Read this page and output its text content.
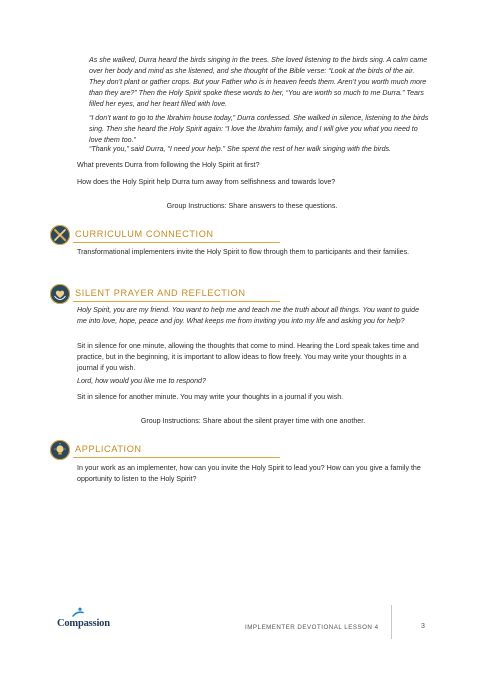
As she walked, Durra heard the birds singing in the trees. She loved listening to the birds sing. A calm came over her body and mind as she listened, and she thought of the Bible verse: “Look at the birds of the air. They don’t plant or gather crops. But your Father who is in heaven feeds them. Aren’t you worth much more than they are?” Then the Holy Spirit spoke these words to her, “You are worth so much to me Durra.” Tears filled her eyes, and her heart filled with love.

“I don’t want to go to the Ibrahim house today,” Durra confessed. She walked in silence, listening to the birds sing. Then she heard the Holy Spirit again: “I love the Ibrahim family, and I will give you what you need to love them too.”

“Thank you,” said Durra, “I need your help.” She spent the rest of her walk singing with the birds.

What prevents Durra from following the Holy Spirit at first?

How does the Holy Spirit help Durra turn away from selfishness and towards love?

Group Instructions: Share answers to these questions.

CURRICULUM CONNECTION

Transformational implementers invite the Holy Spirit to flow through them to participants and their families.

SILENT PRAYER AND REFLECTION

Holy Spirit, you are my friend. You want to help me and teach me the truth about all things. You want to guide me into love, hope, peace and joy. What keeps me from inviting you into my life and asking you for help?

Sit in silence for one minute, allowing the thoughts that come to mind. Hearing the Lord speak takes time and practice, but in the beginning, it is important to allow ideas to flow freely. You may write your thoughts in a journal if you wish.

Lord, how would you like me to respond?

Sit in silence for another minute. You may write your thoughts in a journal if you wish.

Group Instructions: Share about the silent prayer time with one another.

APPLICATION

In your work as an implementer, how can you invite the Holy Spirit to lead you? How can you give a family the opportunity to listen to the Holy Spirit?

Compassion	IMPLEMENTER DEVOTIONAL LESSON 4	3
